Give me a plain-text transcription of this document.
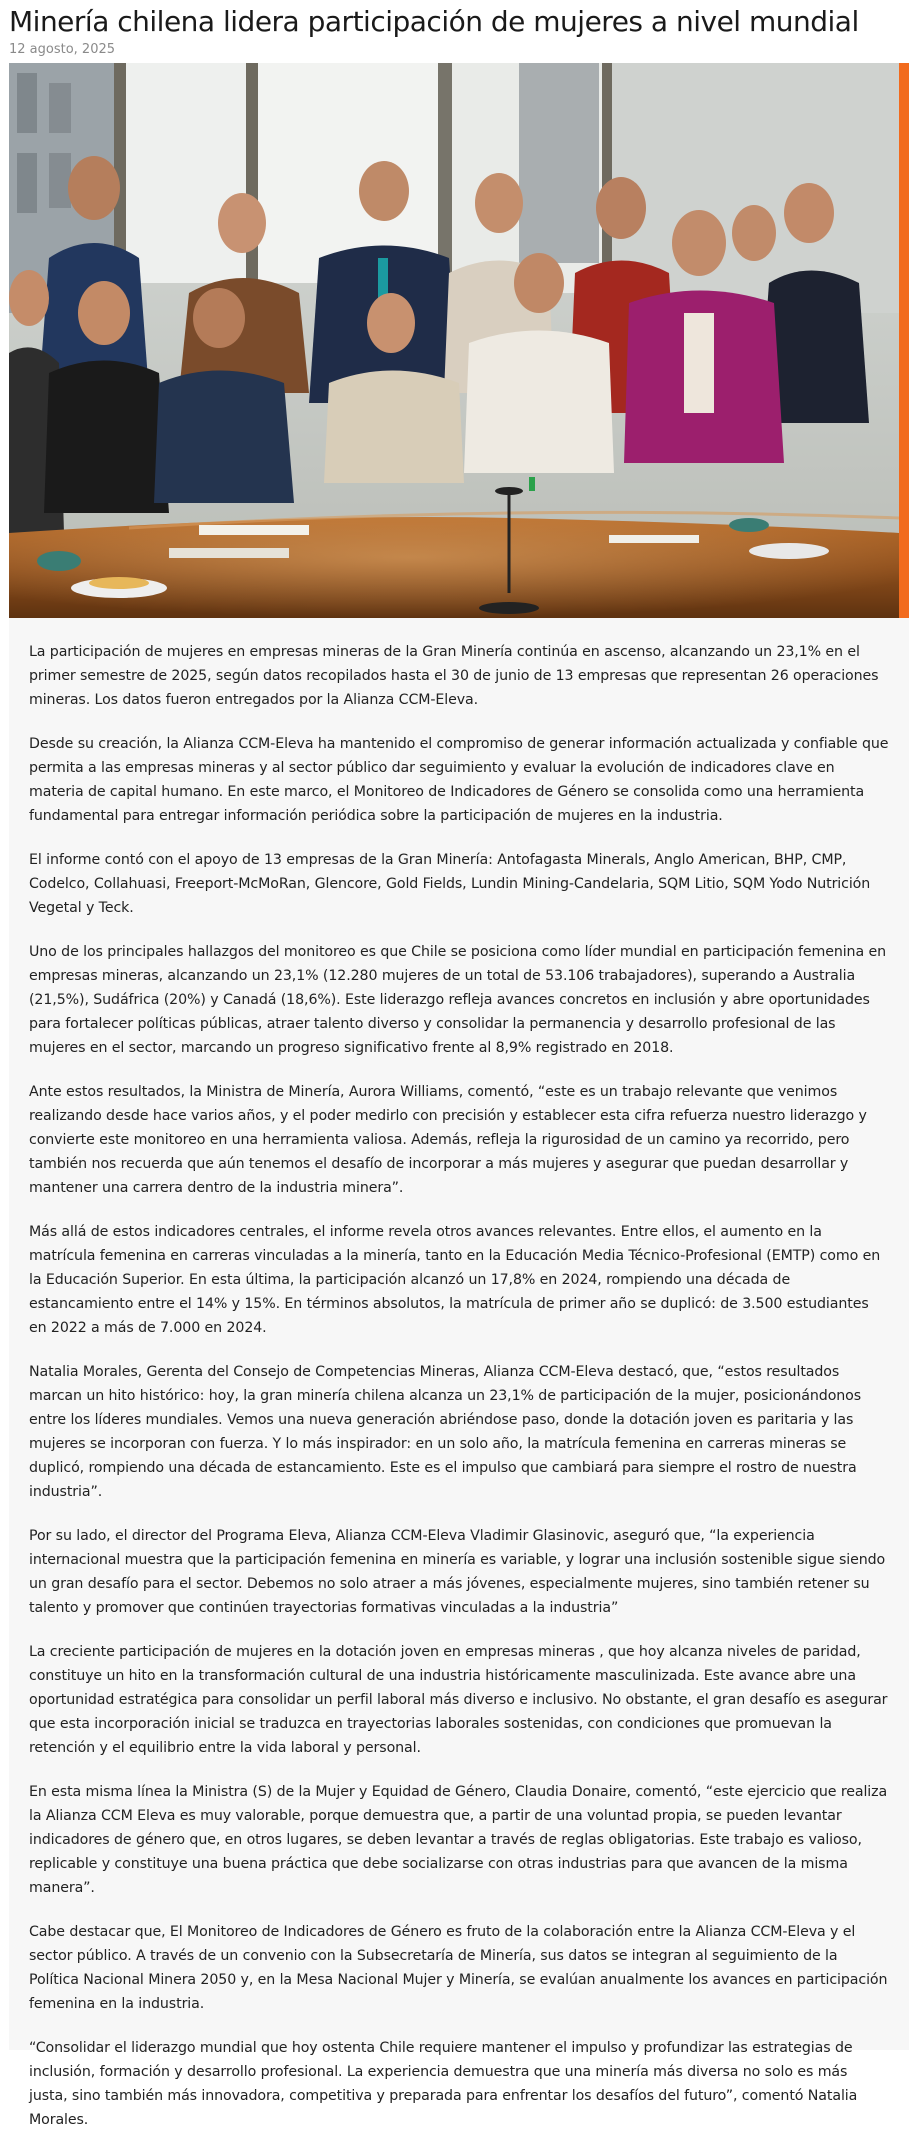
Minería chilena lidera participación de mujeres a nivel mundial
12 agosto, 2025

La participación de mujeres en empresas mineras de la Gran Minería continúa en ascenso, alcanzando un 23,1% en el primer semestre de 2025, según datos recopilados hasta el 30 de junio de 13 empresas que representan 26 operaciones mineras. Los datos fueron entregados por la Alianza CCM-Eleva.

Desde su creación, la Alianza CCM-Eleva ha mantenido el compromiso de generar información actualizada y confiable que permita a las empresas mineras y al sector público dar seguimiento y evaluar la evolución de indicadores clave en materia de capital humano. En este marco, el Monitoreo de Indicadores de Género se consolida como una herramienta fundamental para entregar información periódica sobre la participación de mujeres en la industria.

El informe contó con el apoyo de 13 empresas de la Gran Minería: Antofagasta Minerals, Anglo American, BHP, CMP, Codelco, Collahuasi, Freeport-McMoRan, Glencore, Gold Fields, Lundin Mining-Candelaria, SQM Litio, SQM Yodo Nutrición Vegetal y Teck.

Uno de los principales hallazgos del monitoreo es que Chile se posiciona como líder mundial en participación femenina en empresas mineras, alcanzando un 23,1% (12.280 mujeres de un total de 53.106 trabajadores), superando a Australia (21,5%), Sudáfrica (20%) y Canadá (18,6%). Este liderazgo refleja avances concretos en inclusión y abre oportunidades para fortalecer políticas públicas, atraer talento diverso y consolidar la permanencia y desarrollo profesional de las mujeres en el sector, marcando un progreso significativo frente al 8,9% registrado en 2018.

Ante estos resultados, la Ministra de Minería, Aurora Williams, comentó, “este es un trabajo relevante que venimos realizando desde hace varios años, y el poder medirlo con precisión y establecer esta cifra refuerza nuestro liderazgo y convierte este monitoreo en una herramienta valiosa. Además, refleja la rigurosidad de un camino ya recorrido, pero también nos recuerda que aún tenemos el desafío de incorporar a más mujeres y asegurar que puedan desarrollar y mantener una carrera dentro de la industria minera”.

Más allá de estos indicadores centrales, el informe revela otros avances relevantes. Entre ellos, el aumento en la matrícula femenina en carreras vinculadas a la minería, tanto en la Educación Media Técnico-Profesional (EMTP) como en la Educación Superior. En esta última, la participación alcanzó un 17,8% en 2024, rompiendo una década de estancamiento entre el 14% y 15%. En términos absolutos, la matrícula de primer año se duplicó: de 3.500 estudiantes en 2022 a más de 7.000 en 2024.

Natalia Morales, Gerenta del Consejo de Competencias Mineras, Alianza CCM-Eleva destacó, que, “estos resultados marcan un hito histórico: hoy, la gran minería chilena alcanza un 23,1% de participación de la mujer, posicionándonos entre los líderes mundiales. Vemos una nueva generación abriéndose paso, donde la dotación joven es paritaria y las mujeres se incorporan con fuerza. Y lo más inspirador: en un solo año, la matrícula femenina en carreras mineras se duplicó, rompiendo una década de estancamiento. Este es el impulso que cambiará para siempre el rostro de nuestra industria”.

Por su lado, el director del Programa Eleva, Alianza CCM-Eleva Vladimir Glasinovic, aseguró que, “la experiencia internacional muestra que la participación femenina en minería es variable, y lograr una inclusión sostenible sigue siendo un gran desafío para el sector. Debemos no solo atraer a más jóvenes, especialmente mujeres, sino también retener su talento y promover que continúen trayectorias formativas vinculadas a la industria”

La creciente participación de mujeres en la dotación joven en empresas mineras , que hoy alcanza niveles de paridad, constituye un hito en la transformación cultural de una industria históricamente masculinizada. Este avance abre una oportunidad estratégica para consolidar un perfil laboral más diverso e inclusivo. No obstante, el gran desafío es asegurar que esta incorporación inicial se traduzca en trayectorias laborales sostenidas, con condiciones que promuevan la retención y el equilibrio entre la vida laboral y personal.

En esta misma línea la Ministra (S) de la Mujer y Equidad de Género, Claudia Donaire, comentó, “este ejercicio que realiza la Alianza CCM Eleva es muy valorable, porque demuestra que, a partir de una voluntad propia, se pueden levantar indicadores de género que, en otros lugares, se deben levantar a través de reglas obligatorias. Este trabajo es valioso, replicable y constituye una buena práctica que debe socializarse con otras industrias para que avancen de la misma manera”.

Cabe destacar que, El Monitoreo de Indicadores de Género es fruto de la colaboración entre la Alianza CCM-Eleva y el sector público. A través de un convenio con la Subsecretaría de Minería, sus datos se integran al seguimiento de la Política Nacional Minera 2050 y, en la Mesa Nacional Mujer y Minería, se evalúan anualmente los avances en participación femenina en la industria.

“Consolidar el liderazgo mundial que hoy ostenta Chile requiere mantener el impulso y profundizar las estrategias de inclusión, formación y desarrollo profesional. La experiencia demuestra que una minería más diversa no solo es más justa, sino también más innovadora, competitiva y preparada para enfrentar los desafíos del futuro”, comentó Natalia Morales.
